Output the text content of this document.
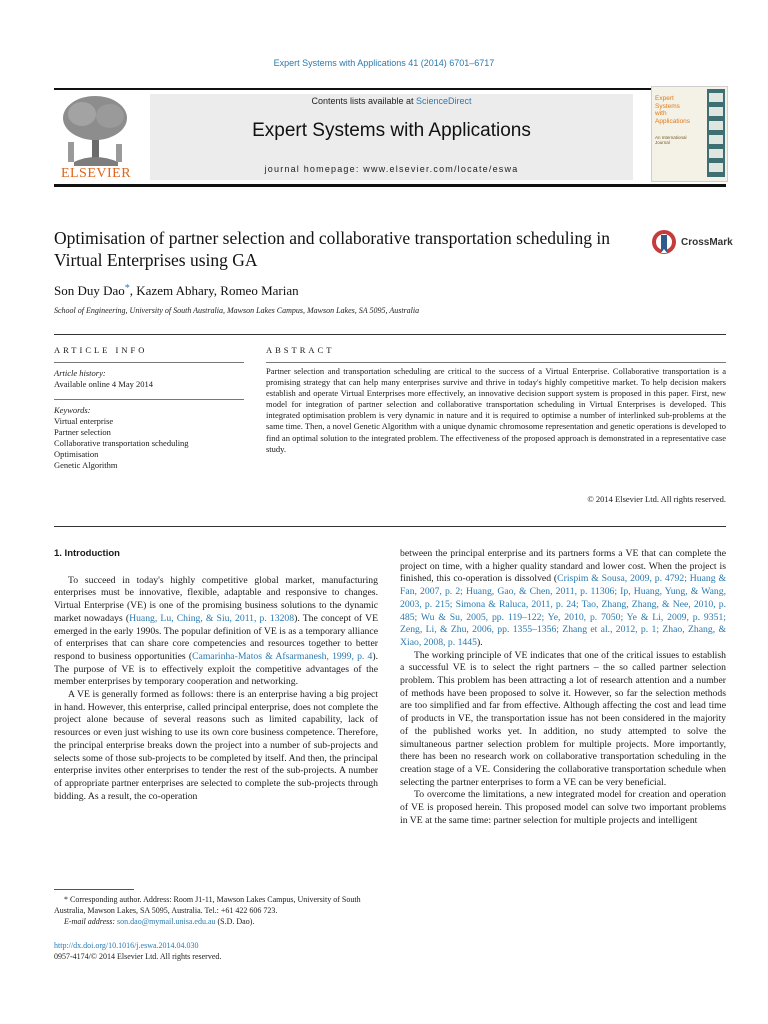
Expert Systems with Applications 41 (2014) 6701–6717
ELSEVIER
Contents lists available at ScienceDirect
Expert Systems with Applications
journal homepage: www.elsevier.com/locate/eswa
Expert
Systems
with
Applications
An International Journal
Optimisation of partner selection and collaborative transportation scheduling in Virtual Enterprises using GA
CrossMark
Son Duy Dao*, Kazem Abhary, Romeo Marian
School of Engineering, University of South Australia, Mawson Lakes Campus, Mawson Lakes, SA 5095, Australia
ARTICLE INFO	ABSTRACT
Article history:
Available online 4 May 2014
Keywords:
Virtual enterprise
Partner selection
Collaborative transportation scheduling
Optimisation
Genetic Algorithm
Partner selection and transportation scheduling are critical to the success of a Virtual Enterprise. Collaborative transportation is a promising strategy that can help many enterprises survive and thrive in today's highly competitive market. To help decision makers establish and operate Virtual Enterprises more effectively, an innovative decision support system is proposed in this paper. First, new model for integration of partner selection and collaborative transportation scheduling in Virtual Enterprises is developed. This integrated optimisation problem is very dynamic in nature and it is required to optimise a number of interlinked sub-problems at the same time. Then, a novel Genetic Algorithm with a unique dynamic chromosome representation and genetic operations is developed to find an optimal solution to the integrated problem. The effectiveness of the proposed approach is demonstrated in a representative case study.
© 2014 Elsevier Ltd. All rights reserved.
1. Introduction

To succeed in today's highly competitive global market, manufacturing enterprises must be innovative, flexible, adaptable and responsive to changes. Virtual Enterprise (VE) is one of the promising business solutions to the dynamic market nowadays (Huang, Lu, Ching, & Siu, 2011, p. 13208). The concept of VE emerged in the early 1990s. The popular definition of VE is as a temporary alliance of enterprises that can share core competencies and resources together to better respond to business opportunities (Camarinha-Matos & Afsarmanesh, 1999, p. 4). The purpose of VE is to effectively exploit the competitive advantages of the member enterprises by temporary cooperation and networking.

A VE is generally formed as follows: there is an enterprise having a big project in hand. However, this enterprise, called principal enterprise, does not complete the project alone because of several reasons such as limited capability, lack of resources or even just wishing to use its own core business competence. Therefore, the principal enterprise breaks down the project into a number of sub-projects and selects some of those sub-projects to be completed by itself. And then, the principal enterprise invites other enterprises to tender the rest of the sub-projects. A number of appropriate partner enterprises are selected to complete the sub-projects through bidding. As a result, the co-operation

between the principal enterprise and its partners forms a VE that can complete the project on time, with a higher quality standard and lower cost. When the project is finished, this co-operation is dissolved (Crispim & Sousa, 2009, p. 4792; Huang & Fan, 2007, p. 2; Huang, Gao, & Chen, 2011, p. 11306; Ip, Huang, Yung, & Wang, 2003, p. 215; Simona & Raluca, 2011, p. 24; Tao, Zhang, Zhang, & Nee, 2010, p. 485; Wu & Su, 2005, pp. 119–122; Ye, 2010, p. 7050; Ye & Li, 2009, p. 9351; Zeng, Li, & Zhu, 2006, pp. 1355–1356; Zhang et al., 2012, p. 1; Zhao, Zhang, & Xiao, 2008, p. 1445).

The working principle of VE indicates that one of the critical issues to establish a successful VE is to select the right partners – the so called partner selection problem. This problem has been attracting a lot of research attention and a number of methods have been proposed to solve it. However, so far the selection methods are too simplified and far from effective. Although affecting the cost and lead time of products in VE, the transportation issue has not been considered in the majority of the published works yet. In addition, no study attempted to solve the simultaneous partner selection problem for multiple projects. More importantly, there has been no research work on collaborative transportation scheduling in the creation stage of a VE. Considering the collaborative transportation schedule when selecting the partner enterprises to form a VE can be very beneficial.

To overcome the limitations, a new integrated model for creation and operation of VE is proposed herein. This proposed model can solve two important problems in VE at the same time: partner selection for multiple projects and intelligent

* Corresponding author. Address: Room J1-11, Mawson Lakes Campus, University of South Australia, Mawson Lakes, SA 5095, Australia. Tel.: +61 422 606 723.
E-mail address: son.dao@mymail.unisa.edu.au (S.D. Dao).
http://dx.doi.org/10.1016/j.eswa.2014.04.030
0957-4174/© 2014 Elsevier Ltd. All rights reserved.
